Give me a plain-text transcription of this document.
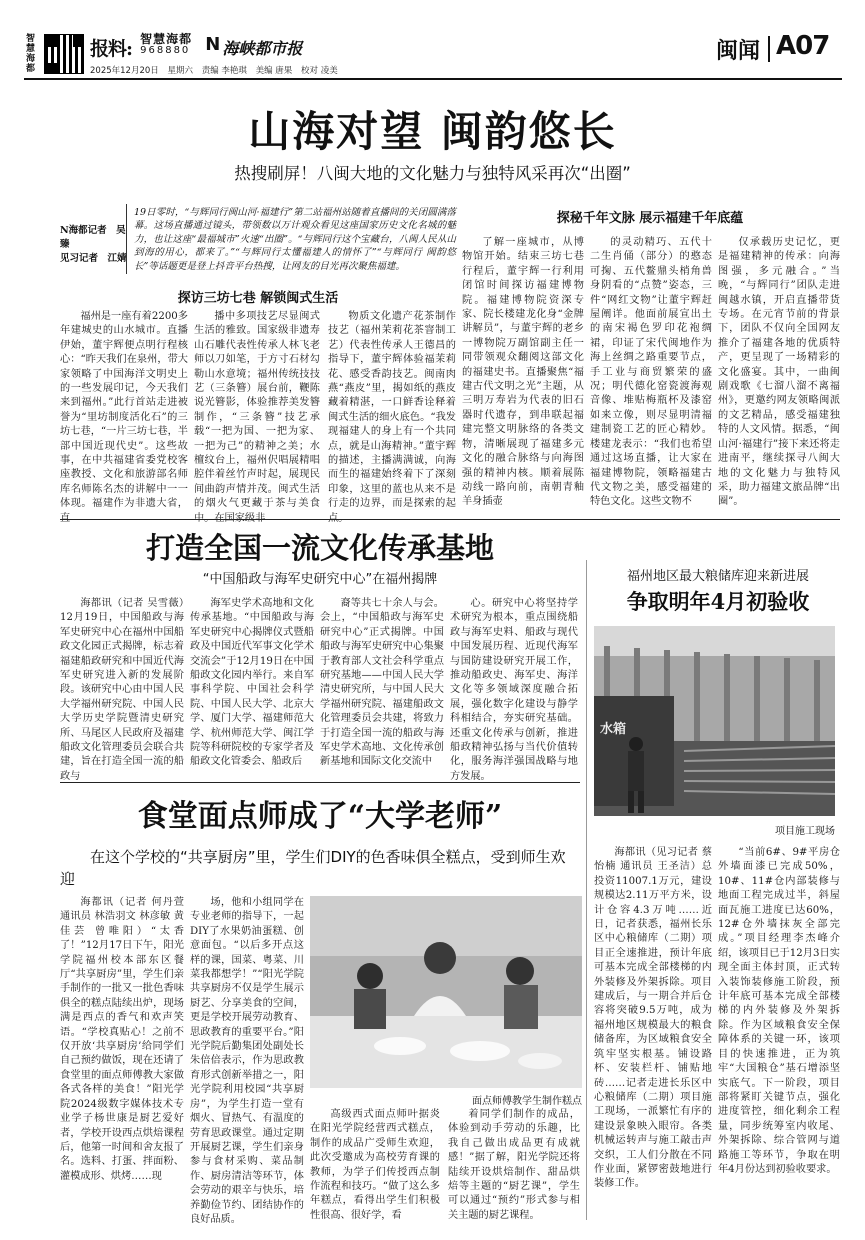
智慧海都
报料: 智慧海都
968880 N 海峡都市报
2025年12月20日 星期六 责编 李艳琪 美编 唐果 校对 凌美
闽闻 A07
山海对望 闽韵悠长
热搜刷屏！八闽大地的文化魅力与独特风采再次“出圈”
N海都记者　吴臻
见习记者　江婧
19日零时，“与辉同行闽山河·福建行”第二站福州站随着直播间的关闭圆满落幕。这场直播通过镜头，带领数以万计观众看见这座国家历史文化名城的魅力，也让这座“最福城市”火速“出圈”。“与辉同行这个宝藏台，八闽人民从山到海的用心，都来了。”“与辉同行太懂福建人的情怀了”“与辉同行 闽韵悠长”等话题更是登上抖音平台热搜，让网友的目光再次聚焦福建。
探访三坊七巷 解锁闽式生活
探秘千年文脉 展示福建千年底蕴

福州是一座有着2200多年建城史的山水城市。直播伊始，董宇辉便点明行程核心：“昨天我们在泉州，带大家领略了中国海洋文明史上的一些发展印记，今天我们来到福州。”此行首站走进被誉为“里坊制度活化石”的三坊七巷，“一片三坊七巷，半部中国近现代史”。这些故事，在中共福建省委党校客座教授、文化和旅游部名师库名师陈名杰的讲解中一一体现。福建作为非遗大省，直

播中多项技艺尽显闽式生活的雅致。国家级非遗寿山石雕代表性传承人林飞老师以刀如笔，于方寸石材勾勒山水意境；福州传统技技艺（三条簪）展台前，鞭陈说光簪影，体验推荐美发簪制作，“三条簪”技艺承载“一把为国、一把为家、一把为己”的精神之美；水檀纹台上，福州伬唱展精唱腔伴着丝竹声时起，展现民间曲韵声情并茂。闽式生活的烟火气更藏于茶与美食中。在国家级非

物质文化遗产花茶制作技艺（福州茉莉花茶窨制工艺）代表性传承人王德昌的指导下，董宇辉体验福茉莉花、感受香韵技艺。闽南肉燕“燕皮”里，揭如纸的燕皮藏着精湛，一口鲜香诠释着闽式生活的细火底色。“我发现福建人的身上有一个共同点，就是山海精神。”董宇辉的描述，主播满满诚，向海而生的福建始终着下了深刻印象，这里的蓝也从来不是行走的边界，而是探索的起点。

了解一座城市，从博物馆开始。结束三坊七巷行程后，董宇辉一行利用闭馆时间探访福建博物院。福建博物院资深专家、院长楼建龙化身“金牌讲解员”，与董宇辉的老乡一博物院万副馆副主任一同带领观众翻阅这部文化的福建史书。直播聚焦“福建古代文明之光”主题，从三明万寿岩为代表的旧石器时代遗存，到串联起福建完整文明脉络的各类文物，清晰展现了福建多元文化的融合脉络与向海图强的精神内核。顺着展陈动线一路向前，南朝青釉羊身插壶

的灵动精巧、五代十二生肖俑（部分）的憨态可掬、五代鳌鼎头梢角兽身阴看的“点赞”姿态，三件“网红文物”让董宇辉赶屋阐详。他面前展宣出土的南宋褐色罗印花袍绸裙，印证了宋代闽地作为海上丝绸之路重要节点，手工业与商贸繁荣的盛况；明代德化窑瓷渡海观音像、堆贴梅瓶杯及漆窑如来立像，则尽显明清福建制瓷工艺的匠心精妙。楼建龙表示：“我们也希望通过这场直播，让大家在福建博物院，领略福建古代文物之美，感受福建的特色文化。这些文物不

仅承载历史记忆，更是福建精神的传承：向海图强，多元融合。”当晚，“与辉同行”团队走进闽越水镇，开启直播带货专场。在元宵节前的背景下，团队不仅向全国网友推介了福建各地的优质特产，更呈现了一场精彩的文化盛宴。其中，一曲闽剧戏歌《七溜八溜不离福州》，更邀约网友领略闽派的文艺精品，感受福建独特的人文风情。据悉，“闽山河·福建行”接下来还将走进南平，继续探寻八闽大地的文化魅力与独特风采，助力福建文旅品牌“出圈”。

打造全国一流文化传承基地
“中国船政与海军史研究中心”在福州揭牌

海都讯（记者 吴雪薇）12月19日，中国船政与海军史研究中心在福州中国船政文化园正式揭牌，标志着福建船政研究和中国近代海军史研究进入新的发展阶段。该研究中心由中国人民大学福州研究院、中国人民大学历史学院暨清史研究所、马尾区人民政府及福建船政文化管理委员会联合共建，旨在打造全国一流的船政与

海军史学术高地和文化传承基地。“中国船政与海军史研究中心揭牌仪式暨船政及中国近代军事文化学术交流会”于12月19日在中国船政文化园内举行。来自军事科学院、中国社会科学院、中国人民大学、北京大学、厦门大学、福建师范大学、杭州师范大学、闽江学院等科研院校的专家学者及船政文化管委会、船政后

裔等共七十余人与会。会上，“中国船政与海军史研究中心”正式揭牌。中国船政与海军史研究中心集聚于教育部人文社会科学重点研究基地——中国人民大学清史研究所，与中国人民大学福州研究院、福建船政文化管理委员会共建，将致力于打造全国一流的船政与海军史学术高地、文化传承创新基地和国际文化交流中

心。研究中心将坚持学术研究为根本，重点围绕船政与海军史料、船政与现代中国发展历程、近现代海军与国防建设研究开展工作，推动船政史、海军史、海洋文化等多领域深度融合拓展，强化数字化建设与静学科相结合，夯实研究基础。还重文化传承与创新，推进船政精神弘扬与当代价值转化，服务海洋强国战略与地方发展。

福州地区最大粮储库迎来新进展
争取明年4月初验收
水箱
项目施工现场

海都讯（见习记者 蔡怡楠 通讯员 王圣洁）总投资11007.1万元，建设规模达2.11万平方米，设计仓容4.3万吨……近日，记者获悉，福州长乐区中心粮储库（二期）项目正全速推进，预计年底可基本完成全部楼梯的内外装修及外架拆除。项目建成后，与一期合并后仓容将突破9.5万吨，成为福州地区规模最大的粮食储备库，为区域粮食安全筑牢坚实根基。铺设路杯、安装栏杆、铺贴地砖……记者走进长乐区中心粮储库（二期）项目施工现场，一派繁忙有序的建设景象映入眼帘。各类机械运转声与施工敲击声交织，工人们分散在不同作业面，紧锣密鼓地进行装修工作。

“当前6#、9#平房仓外墙面漆已完成50%，10#、11#仓内部装修与地面工程完成过半，斜屋面瓦施工进度已达60%，12#仓外墙抹灰全部完成。”项目经理李杰峰介绍，该项目已于12月3日实现全面主体封顶，正式转入装饰装修施工阶段，预计年底可基本完成全部楼梯的内外装修及外架拆除。作为区域粮食安全保障体系的关键一环，该项目的快速推进，正为筑牢“大国粮仓”基石增添坚实底气。下一阶段，项目部将紧盯关键节点，强化进度管控，细化剩余工程量，同步统筹室内收尾、外架拆除、综合管网与道路施工等环节，争取在明年4月份达到初验收要求。

食堂面点师成了“大学老师”
在这个学校的“共享厨房”里，学生们DIY的色香味俱全糕点，受到师生欢迎

海都讯（记者 何丹萱 通讯员 林浩羽文 林彦敏 黄佳芸 曾唯阳）“太香了！”12月17日下午，阳光学院福州校本部东区餐厅“共享厨房”里，学生们亲手制作的一批又一批色香味俱全的糕点陆续出炉，现场满是西点的香气和欢声笑语。“学校真贴心！之前不仅开放‘共享厨房’给同学们自己预约做饭，现在还请了食堂里的面点师傅教大家做各式各样的美食！”阳光学院2024级数字媒体技术专业学子杨世康是厨艺爱好者，学校开设西点烘焙课程后，他第一时间和舍友报了名。选料、打蛋、拌面粉、灌模成形、烘烤……现

场，他和小组同学在专业老师的指导下，一起DIY了水果奶油蛋糕、创意面包。“以后多开点这样的课，国菜、粤菜、川菜我都想学！”“阳光学院共享厨房不仅是学生展示厨艺、分享美食的空间，更是学校开展劳动教育、思政教育的重要平台。”阳光学院后勤集团处副处长朱倍倍表示，作为思政教育形式创新举措之一，阳光学院利用校园“共享厨房”，为学生打造一堂有烟火、冒热气、有温度的劳育思政课堂。通过定期开展厨艺课，学生们亲身参与食材采购、菜品制作、厨房清洁等环节，体会劳动的艰辛与快乐，培养勤俭节约、团结协作的良好品质。

面点师傅教学生制作糕点

高级西式面点师叶据炎在阳光学院经营西式糕点，制作的成品广受师生欢迎，此次受邀成为高校劳育课的教师，为学子们传授西点制作流程和技巧。“做了这么多年糕点，看得出学生们积极性很高、很好学，看

着同学们制作的成品，体验到动手劳动的乐趣，比我自己做出成品更有成就感！”据了解，阳光学院还将陆续开设烘焙制作、甜品烘焙等主题的“厨艺课”，学生可以通过“预约”形式参与相关主题的厨艺课程。
